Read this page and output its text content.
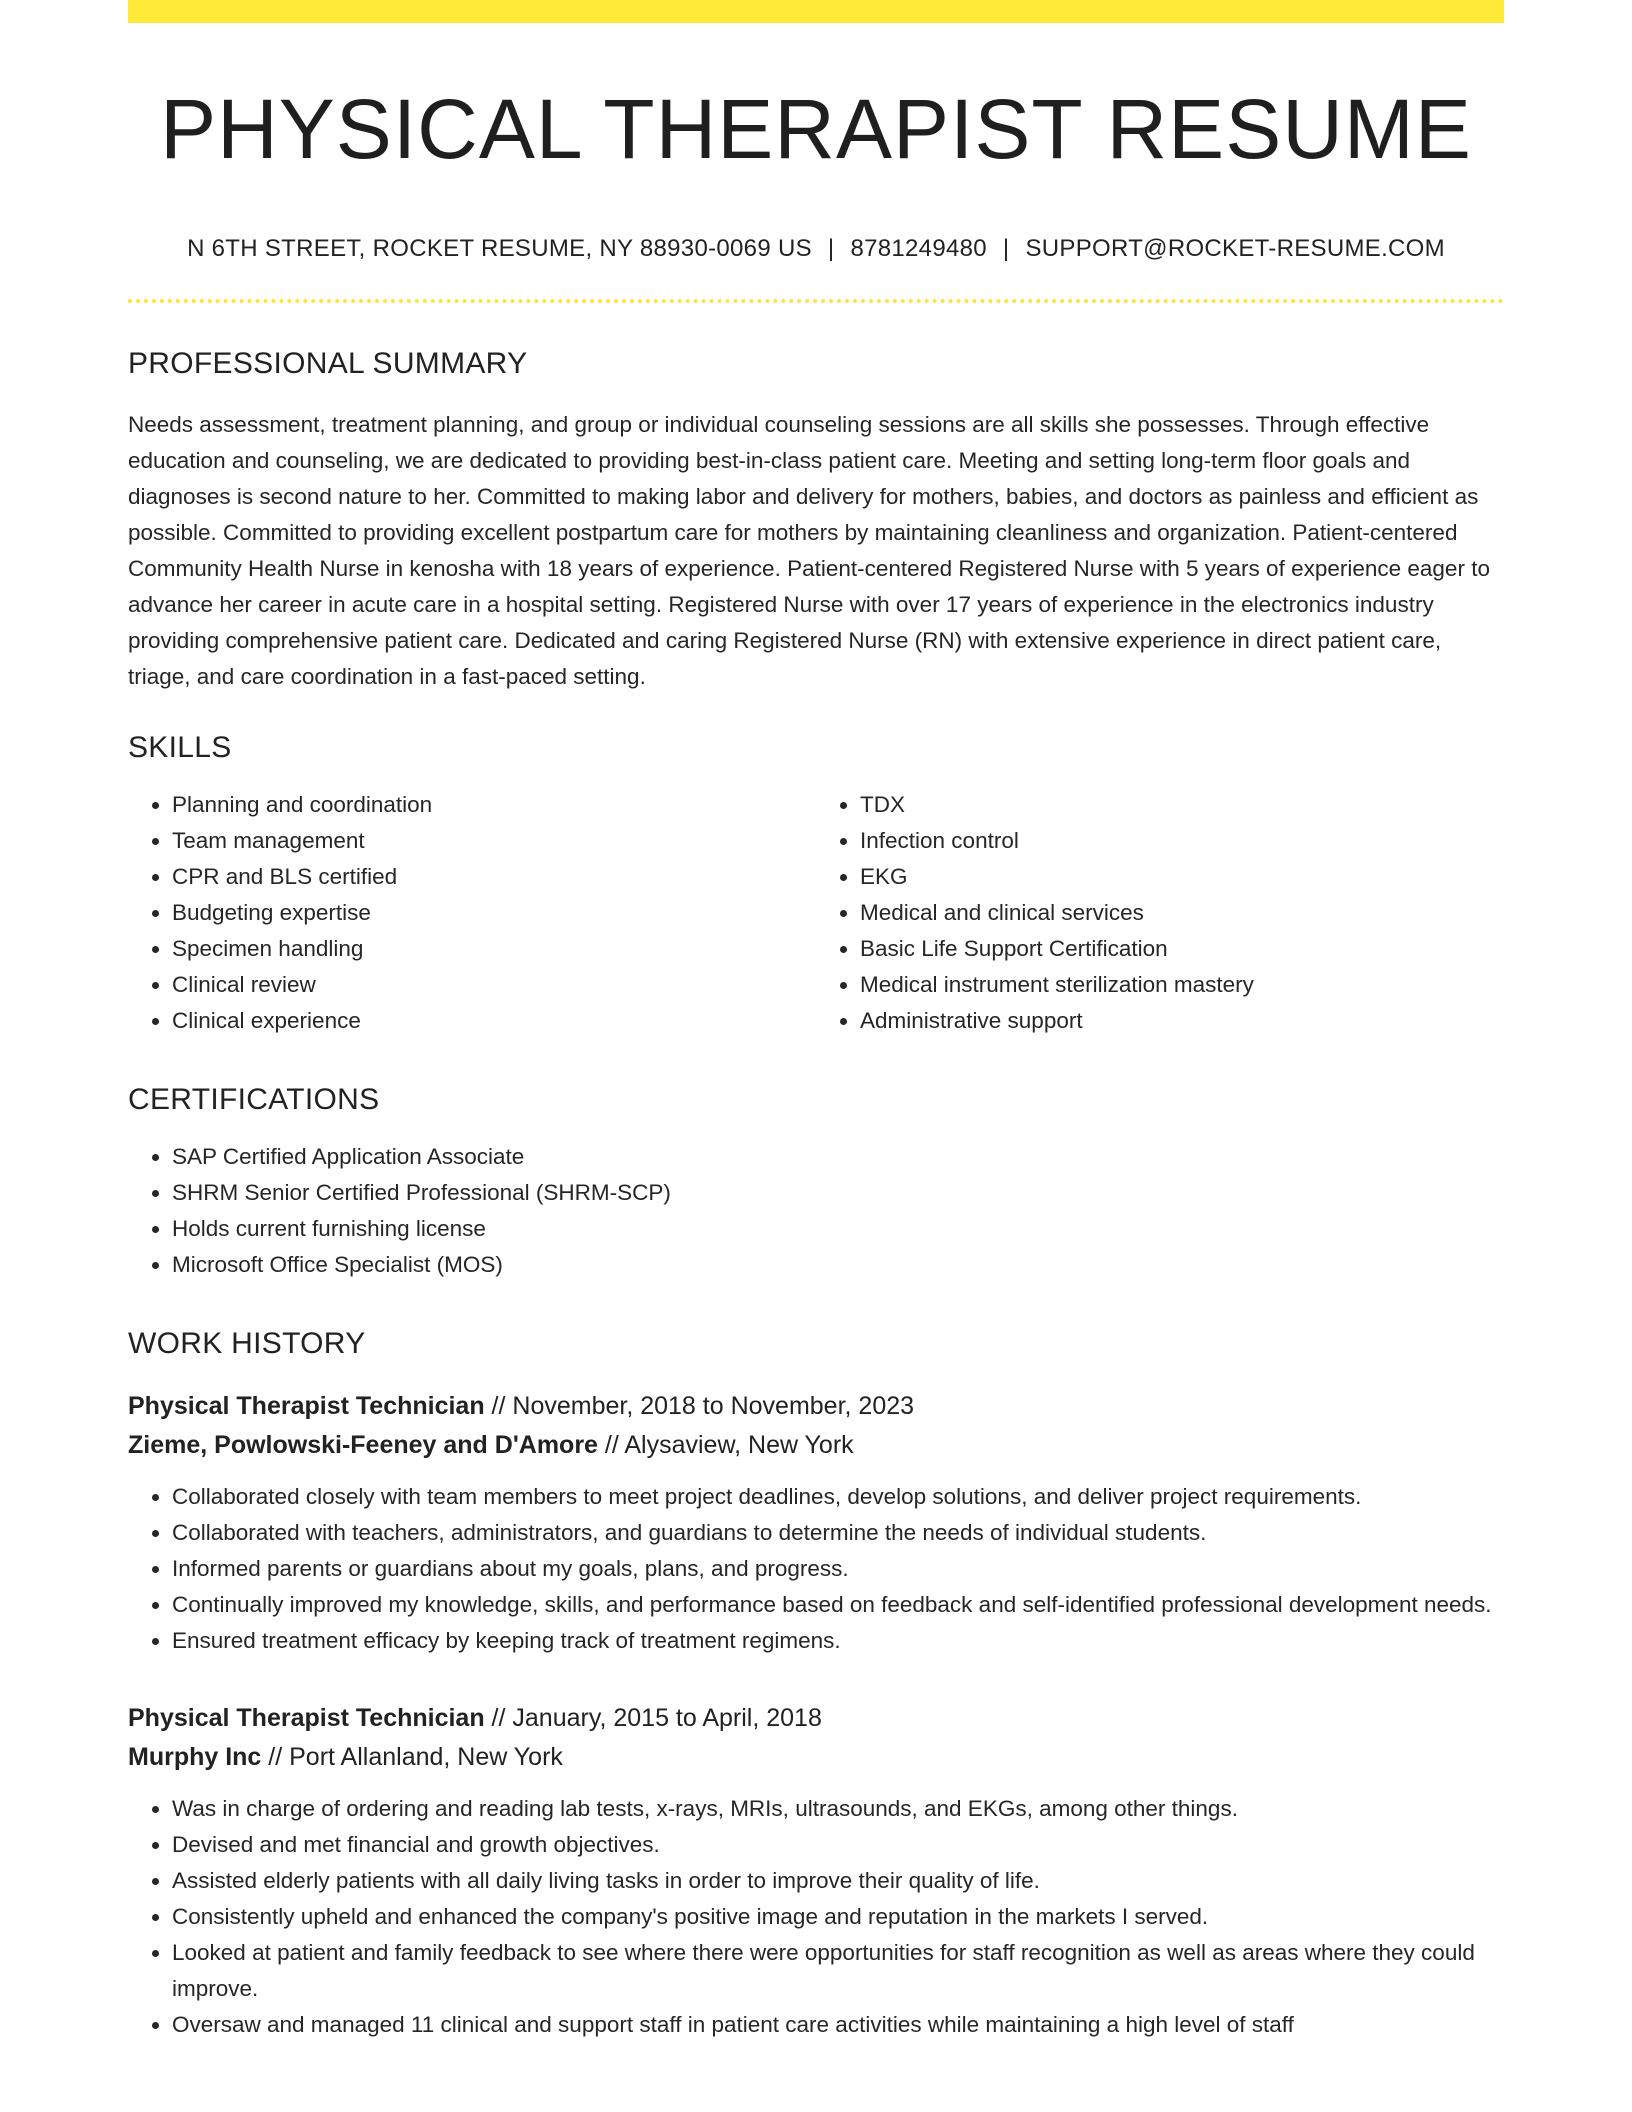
PHYSICAL THERAPIST RESUME
N 6TH STREET, ROCKET RESUME, NY 88930-0069 US | 8781249480 | SUPPORT@ROCKET-RESUME.COM
PROFESSIONAL SUMMARY
Needs assessment, treatment planning, and group or individual counseling sessions are all skills she possesses. Through effective education and counseling, we are dedicated to providing best-in-class patient care. Meeting and setting long-term floor goals and diagnoses is second nature to her. Committed to making labor and delivery for mothers, babies, and doctors as painless and efficient as possible. Committed to providing excellent postpartum care for mothers by maintaining cleanliness and organization. Patient-centered Community Health Nurse in kenosha with 18 years of experience. Patient-centered Registered Nurse with 5 years of experience eager to advance her career in acute care in a hospital setting. Registered Nurse with over 17 years of experience in the electronics industry providing comprehensive patient care. Dedicated and caring Registered Nurse (RN) with extensive experience in direct patient care, triage, and care coordination in a fast-paced setting.
SKILLS
• Planning and coordination
• Team management
• CPR and BLS certified
• Budgeting expertise
• Specimen handling
• Clinical review
• Clinical experience
• TDX
• Infection control
• EKG
• Medical and clinical services
• Basic Life Support Certification
• Medical instrument sterilization mastery
• Administrative support
CERTIFICATIONS
• SAP Certified Application Associate
• SHRM Senior Certified Professional (SHRM-SCP)
• Holds current furnishing license
• Microsoft Office Specialist (MOS)
WORK HISTORY
Physical Therapist Technician // November, 2018 to November, 2023
Zieme, Powlowski-Feeney and D'Amore // Alysaview, New York
• Collaborated closely with team members to meet project deadlines, develop solutions, and deliver project requirements.
• Collaborated with teachers, administrators, and guardians to determine the needs of individual students.
• Informed parents or guardians about my goals, plans, and progress.
• Continually improved my knowledge, skills, and performance based on feedback and self-identified professional development needs.
• Ensured treatment efficacy by keeping track of treatment regimens.
Physical Therapist Technician // January, 2015 to April, 2018
Murphy Inc // Port Allanland, New York
• Was in charge of ordering and reading lab tests, x-rays, MRIs, ultrasounds, and EKGs, among other things.
• Devised and met financial and growth objectives.
• Assisted elderly patients with all daily living tasks in order to improve their quality of life.
• Consistently upheld and enhanced the company's positive image and reputation in the markets I served.
• Looked at patient and family feedback to see where there were opportunities for staff recognition as well as areas where they could improve.
• Oversaw and managed 11 clinical and support staff in patient care activities while maintaining a high level of staff
